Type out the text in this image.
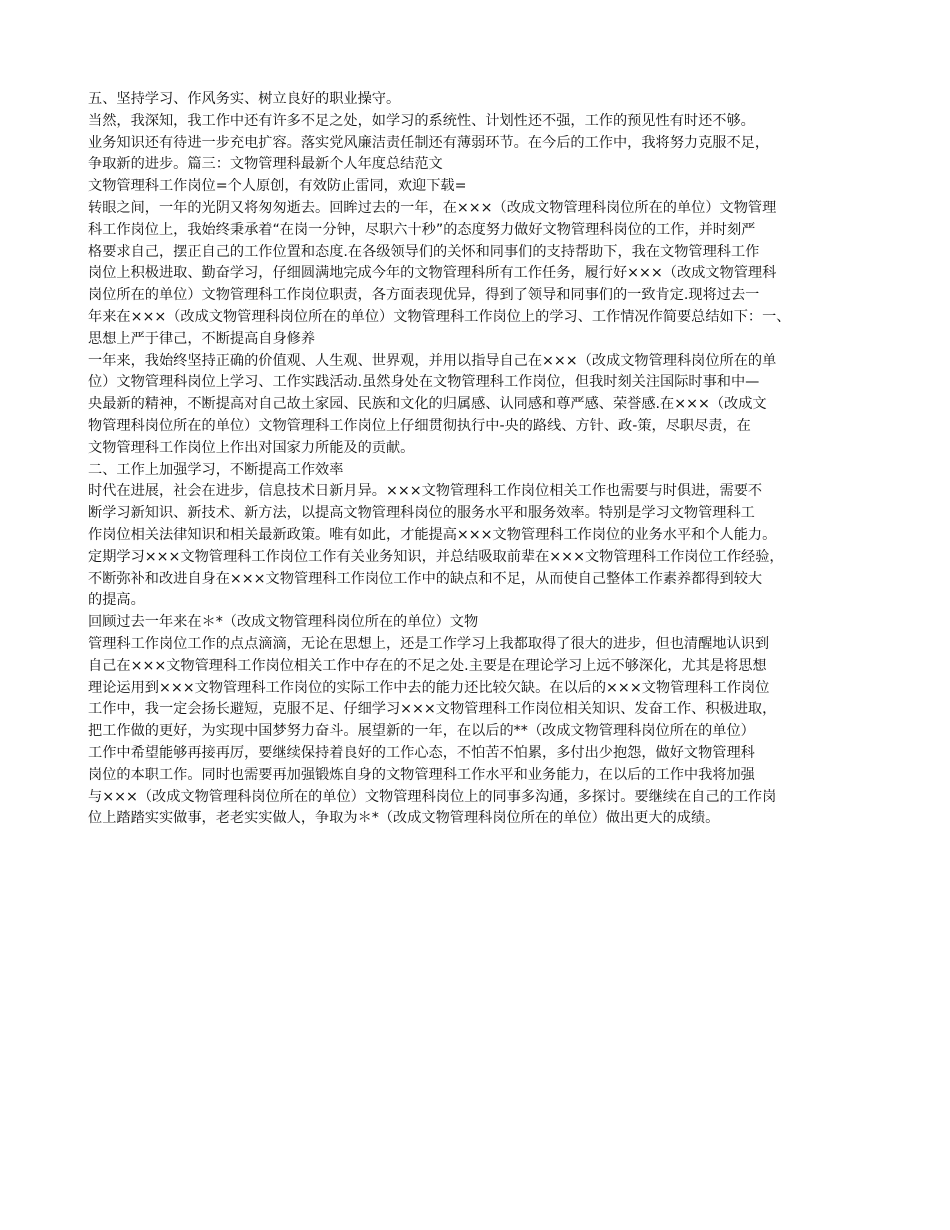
五、坚持学习、作风务实、树立良好的职业操守。
当然，我深知，我工作中还有许多不足之处，如学习的系统性、计划性还不强，工作的预见性有时还不够。
业务知识还有待进一步充电扩容。落实党风廉洁责任制还有薄弱环节。在今后的工作中，我将努力克服不足，
争取新的进步。篇三：文物管理科最新个人年度总结范文
文物管理科工作岗位=个人原创，有效防止雷同，欢迎下载=
转眼之间，一年的光阴又将匆匆逝去。回眸过去的一年，在×××（改成文物管理科岗位所在的单位）文物管理
科工作岗位上，我始终秉承着“在岗一分钟，尽职六十秒”的态度努力做好文物管理科岗位的工作，并时刻严
格要求自己，摆正自己的工作位置和态度.在各级领导们的关怀和同事们的支持帮助下，我在文物管理科工作
岗位上积极进取、勤奋学习，仔细圆满地完成今年的文物管理科所有工作任务，履行好×××（改成文物管理科
岗位所在的单位）文物管理科工作岗位职责，各方面表现优异，得到了领导和同事们的一致肯定.现将过去一
年来在×××（改成文物管理科岗位所在的单位）文物管理科工作岗位上的学习、工作情况作简要总结如下：一、
思想上严于律己，不断提高自身修养
一年来，我始终坚持正确的价值观、人生观、世界观，并用以指导自己在×××（改成文物管理科岗位所在的单
位）文物管理科岗位上学习、工作实践活动.虽然身处在文物管理科工作岗位，但我时刻关注国际时事和中—
央最新的精神，不断提高对自己故土家园、民族和文化的归属感、认同感和尊严感、荣誉感.在×××（改成文
物管理科岗位所在的单位）文物管理科工作岗位上仔细贯彻执行中-央的路线、方针、政-策，尽职尽责，在
文物管理科工作岗位上作出对国家力所能及的贡献。
二、工作上加强学习，不断提高工作效率
时代在进展，社会在进步，信息技术日新月异。×××文物管理科工作岗位相关工作也需要与时俱进，需要不
断学习新知识、新技术、新方法，以提高文物管理科岗位的服务水平和服务效率。特别是学习文物管理科工
作岗位相关法律知识和相关最新政策。唯有如此，才能提高×××文物管理科工作岗位的业务水平和个人能力。
定期学习×××文物管理科工作岗位工作有关业务知识，并总结吸取前辈在×××文物管理科工作岗位工作经验，
不断弥补和改进自身在×××文物管理科工作岗位工作中的缺点和不足，从而使自己整体工作素养都得到较大
的提高。
回顾过去一年来在＊*（改成文物管理科岗位所在的单位）文物
管理科工作岗位工作的点点滴滴，无论在思想上，还是工作学习上我都取得了很大的进步，但也清醒地认识到
自己在×××文物管理科工作岗位相关工作中存在的不足之处.主要是在理论学习上远不够深化，尤其是将思想
理论运用到×××文物管理科工作岗位的实际工作中去的能力还比较欠缺。在以后的×××文物管理科工作岗位
工作中，我一定会扬长避短，克服不足、仔细学习×××文物管理科工作岗位相关知识、发奋工作、积极进取，
把工作做的更好，为实现中国梦努力奋斗。展望新的一年，在以后的**（改成文物管理科岗位所在的单位）
工作中希望能够再接再厉，要继续保持着良好的工作心态，不怕苦不怕累，多付出少抱怨，做好文物管理科
岗位的本职工作。同时也需要再加强锻炼自身的文物管理科工作水平和业务能力，在以后的工作中我将加强
与×××（改成文物管理科岗位所在的单位）文物管理科岗位上的同事多沟通，多探讨。要继续在自己的工作岗
位上踏踏实实做事，老老实实做人，争取为＊*（改成文物管理科岗位所在的单位）做出更大的成绩。
